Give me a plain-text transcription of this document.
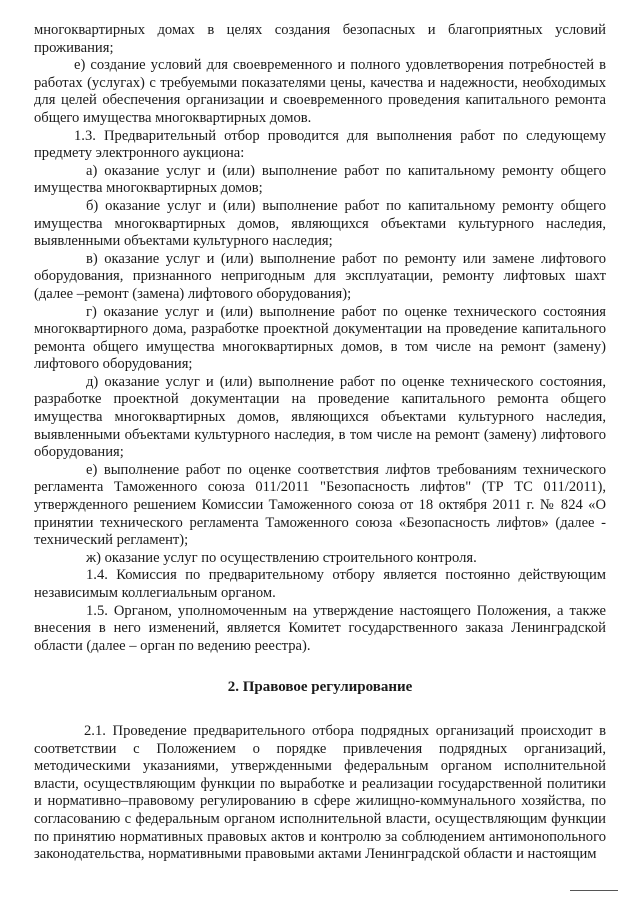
многоквартирных домах в целях создания безопасных и благоприятных условий проживания;

е) создание условий для своевременного и полного удовлетворения потребностей в работах (услугах) с требуемыми показателями цены, качества и надежности, необходимых для целей обеспечения организации и своевременного проведения капитального ремонта общего имущества многоквартирных домов.

1.3. Предварительный отбор проводится для выполнения работ по следующему предмету электронного аукциона:

а) оказание услуг и (или) выполнение работ по капитальному ремонту общего имущества многоквартирных домов;

б) оказание услуг и (или) выполнение работ по капитальному ремонту общего имущества многоквартирных домов, являющихся объектами культурного наследия, выявленными объектами культурного наследия;

в) оказание услуг и (или) выполнение работ по ремонту или замене лифтового оборудования, признанного непригодным для эксплуатации, ремонту лифтовых шахт (далее –ремонт (замена) лифтового оборудования);

г) оказание услуг и (или) выполнение работ по оценке технического состояния многоквартирного дома, разработке проектной документации на проведение капитального ремонта общего имущества многоквартирных домов, в том числе на ремонт (замену) лифтового оборудования;

д) оказание услуг и (или) выполнение работ по оценке технического состояния, разработке проектной документации на проведение капитального ремонта общего имущества многоквартирных домов, являющихся объектами культурного наследия, выявленными объектами культурного наследия, в том числе на ремонт (замену) лифтового оборудования;

е) выполнение работ по оценке соответствия лифтов требованиям технического регламента Таможенного союза 011/2011 "Безопасность лифтов" (ТР ТС 011/2011), утвержденного решением Комиссии Таможенного союза от 18 октября 2011 г. № 824 «О принятии технического регламента Таможенного союза «Безопасность лифтов» (далее - технический регламент);

ж) оказание услуг по осуществлению строительного контроля.

1.4. Комиссия по предварительному отбору является постоянно действующим независимым коллегиальным органом.

1.5. Органом, уполномоченным на утверждение настоящего Положения, а также внесения в него изменений, является Комитет государственного заказа Ленинградской области (далее – орган по ведению реестра).

2. Правовое регулирование

2.1. Проведение предварительного отбора подрядных организаций происходит в соответствии с Положением о порядке привлечения подрядных организаций, методическими указаниями, утвержденными федеральным органом исполнительной власти, осуществляющим функции по выработке и реализации государственной политики и нормативно–правовому регулированию в сфере жилищно-коммунального хозяйства, по согласованию с федеральным органом исполнительной власти, осуществляющим функции по принятию нормативных правовых актов и контролю за соблюдением антимонопольного законодательства, нормативными правовыми актами Ленинградской области и настоящим
